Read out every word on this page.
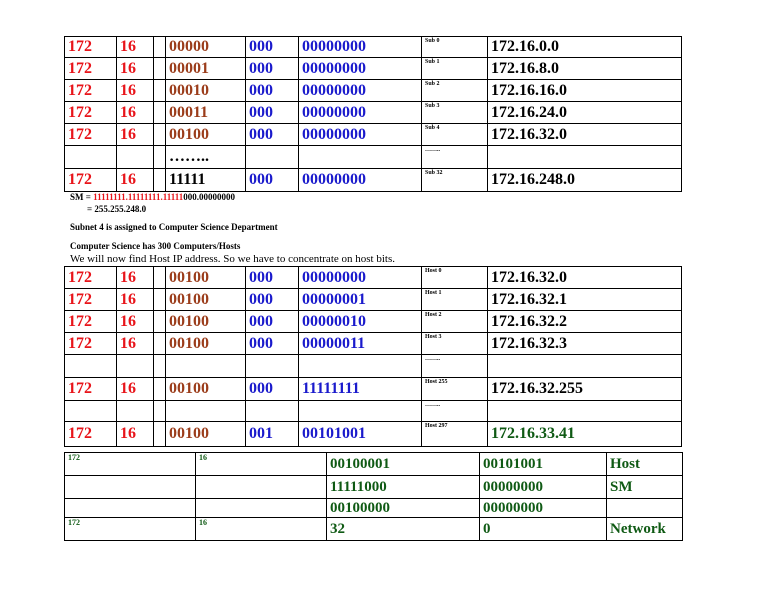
172	16		00000	000	00000000	Sub 0	172.16.0.0
172	16		00001	000	00000000	Sub 1	172.16.8.0
172	16		00010	000	00000000	Sub 2	172.16.16.0
172	16		00011	000	00000000	Sub 3	172.16.24.0
172	16		00100	000	00000000	Sub 4	172.16.32.0
			……..			……..	
172	16		11111	000	00000000	Sub 32	172.16.248.0
SM = 11111111.11111111.11111000.00000000
= 255.255.248.0
Subnet 4 is assigned to Computer Science Department
Computer Science has 300 Computers/Hosts
We will now find Host IP address. So we have to concentrate on host bits.
172	16		00100	000	00000000	Host 0	172.16.32.0
172	16		00100	000	00000001	Host 1	172.16.32.1
172	16		00100	000	00000010	Host 2	172.16.32.2
172	16		00100	000	00000011	Host 3	172.16.32.3
						……..	
172	16		00100	000	11111111	Host 255	172.16.32.255
						……..	
172	16		00100	001	00101001	Host 297	172.16.33.41
172	16	00100001	00101001	Host
		11111000	00000000	SM
		00100000	00000000	
172	16	32	0	Network
